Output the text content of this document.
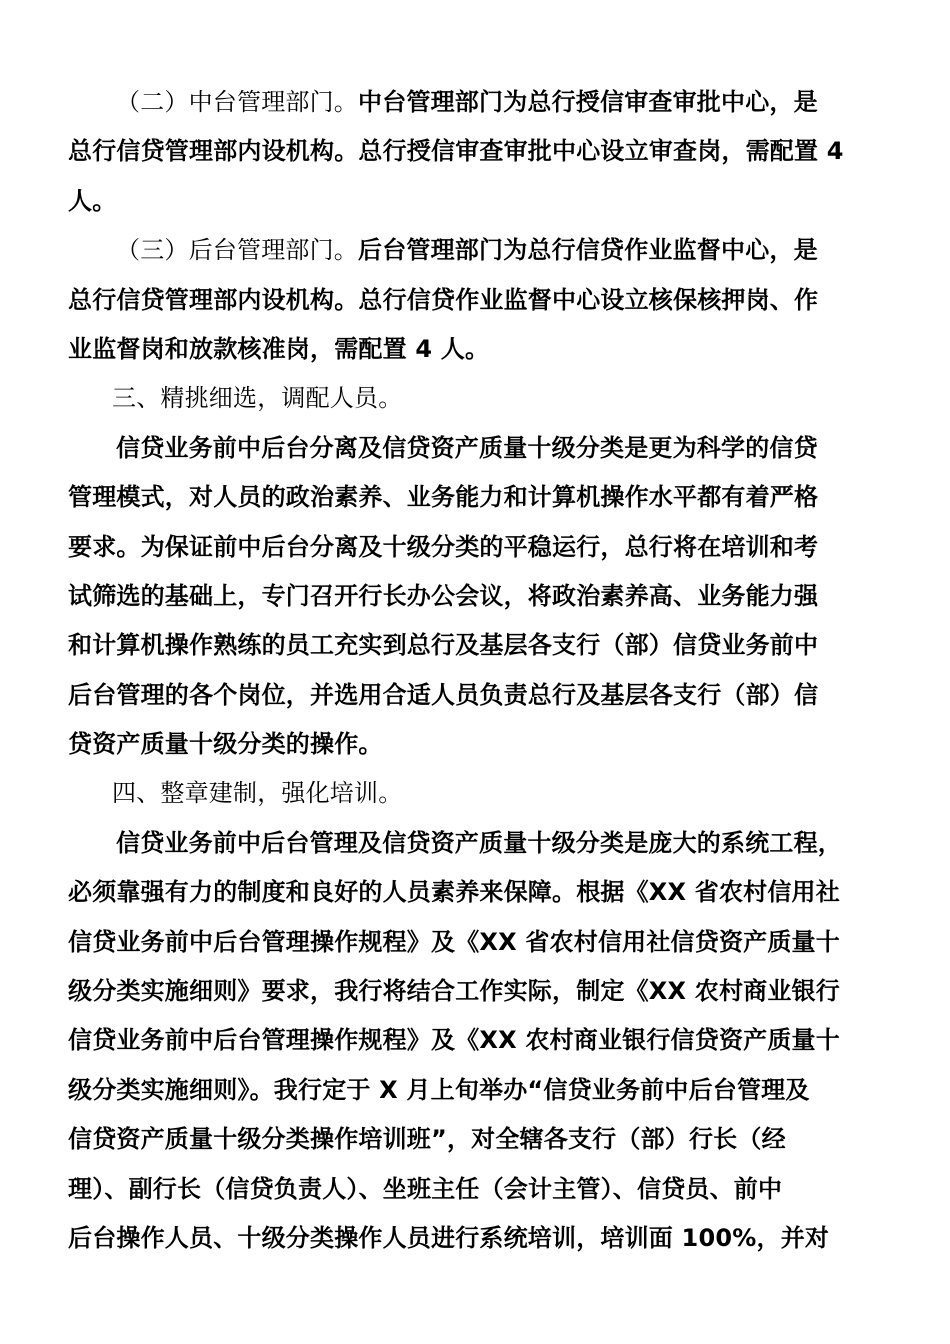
（二）中台管理部门。中台管理部门为总行授信审查审批中心，是
总行信贷管理部内设机构。总行授信审查审批中心设立审查岗，需配置 4
人。
（三）后台管理部门。后台管理部门为总行信贷作业监督中心，是
总行信贷管理部内设机构。总行信贷作业监督中心设立核保核押岗、作
业监督岗和放款核准岗，需配置 4 人。
三、精挑细选，调配人员。
信贷业务前中后台分离及信贷资产质量十级分类是更为科学的信贷
管理模式，对人员的政治素养、业务能力和计算机操作水平都有着严格
要求。为保证前中后台分离及十级分类的平稳运行，总行将在培训和考
试筛选的基础上，专门召开行长办公会议，将政治素养高、业务能力强
和计算机操作熟练的员工充实到总行及基层各支行（部）信贷业务前中
后台管理的各个岗位，并选用合适人员负责总行及基层各支行（部）信
贷资产质量十级分类的操作。
四、整章建制，强化培训。
信贷业务前中后台管理及信贷资产质量十级分类是庞大的系统工程，
必须靠强有力的制度和良好的人员素养来保障。根据《XX 省农村信用社
信贷业务前中后台管理操作规程》及《XX 省农村信用社信贷资产质量十
级分类实施细则》要求，我行将结合工作实际，制定《XX 农村商业银行
信贷业务前中后台管理操作规程》及《XX 农村商业银行信贷资产质量十
级分类实施细则》。我行定于 X 月上旬举办“信贷业务前中后台管理及
信贷资产质量十级分类操作培训班”，对全辖各支行（部）行长（经
理）、副行长（信贷负责人）、坐班主任（会计主管）、信贷员、前中
后台操作人员、十级分类操作人员进行系统培训，培训面 100%，并对
